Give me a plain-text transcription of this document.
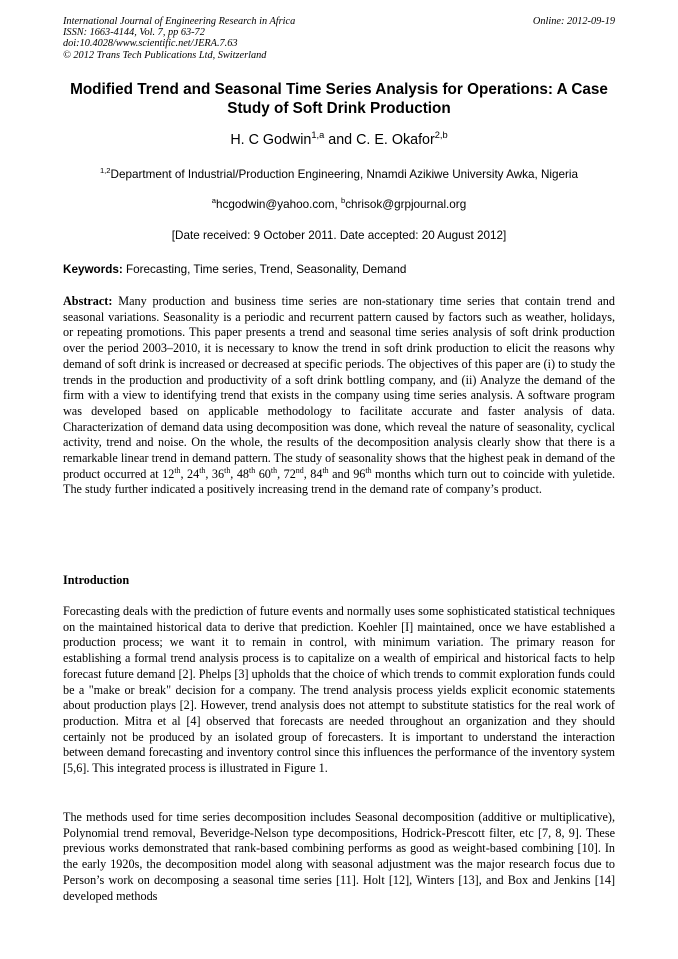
International Journal of Engineering Research in Africa
ISSN: 1663-4144, Vol. 7, pp 63-72
doi:10.4028/www.scientific.net/JERA.7.63
© 2012 Trans Tech Publications Ltd, Switzerland
Online: 2012-09-19
Modified Trend and Seasonal Time Series Analysis for Operations: A Case Study of Soft Drink Production
H. C Godwin$^{1,a}$ and C. E. Okafor$^{2,b}$
$^{1,2}$Department of Industrial/Production Engineering, Nnamdi Azikiwe University Awka, Nigeria
$^a$hcgodwin@yahoo.com, $^b$chrisok@grpjournal.org
[Date received: 9 October 2011. Date accepted: 20 August 2012]
Keywords: Forecasting, Time series, Trend, Seasonality, Demand
Abstract: Many production and business time series are non-stationary time series that contain trend and seasonal variations. Seasonality is a periodic and recurrent pattern caused by factors such as weather, holidays, or repeating promotions. This paper presents a trend and seasonal time series analysis of soft drink production over the period 2003–2010, it is necessary to know the trend in soft drink production to elicit the reasons why demand of soft drink is increased or decreased at specific periods. The objectives of this paper are (i) to study the trends in the production and productivity of a soft drink bottling company, and (ii) Analyze the demand of the firm with a view to identifying trend that exists in the company using time series analysis. A software program was developed based on applicable methodology to facilitate accurate and faster analysis of data. Characterization of demand data using decomposition was done, which reveal the nature of seasonality, cyclical activity, trend and noise. On the whole, the results of the decomposition analysis clearly show that there is a remarkable linear trend in demand pattern. The study of seasonality shows that the highest peak in demand of the product occurred at 12th, 24th, 36th, 48th 60th, 72nd, 84th and 96th months which turn out to coincide with yuletide. The study further indicated a positively increasing trend in the demand rate of company’s product.
Introduction
Forecasting deals with the prediction of future events and normally uses some sophisticated statistical techniques on the maintained historical data to derive that prediction. Koehler [I] maintained, once we have established a production process; we want it to remain in control, with minimum variation. The primary reason for establishing a formal trend analysis process is to capitalize on a wealth of empirical and historical facts to help forecast future demand [2]. Phelps [3] upholds that the choice of which trends to commit exploration funds could be a "make or break" decision for a company. The trend analysis process yields explicit economic statements about production plays [2]. However, trend analysis does not attempt to substitute statistics for the real work of production. Mitra et al [4] observed that forecasts are needed throughout an organization and they should certainly not be produced by an isolated group of forecasters. It is important to understand the interaction between demand forecasting and inventory control since this influences the performance of the inventory system [5,6]. This integrated process is illustrated in Figure 1.
The methods used for time series decomposition includes Seasonal decomposition (additive or multiplicative), Polynomial trend removal, Beveridge-Nelson type decompositions, Hodrick-Prescott filter, etc [7, 8, 9]. These previous works demonstrated that rank-based combining performs as good as weight-based combining [10]. In the early 1920s, the decomposition model along with seasonal adjustment was the major research focus due to Person’s work on decomposing a seasonal time series [11]. Holt [12], Winters [13], and Box and Jenkins [14] developed methods
